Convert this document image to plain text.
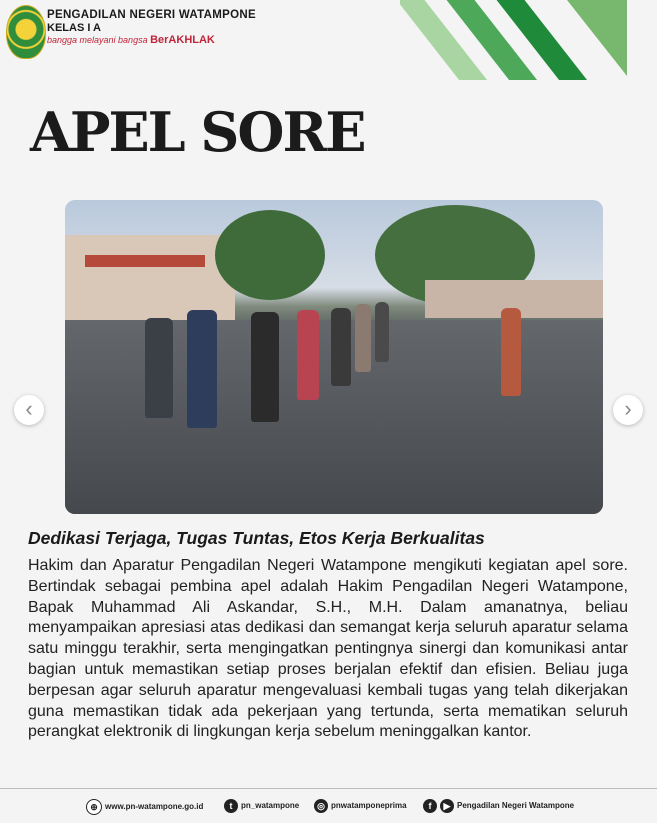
PENGADILAN NEGERI WATAMPONE
KELAS I A
bangga melayani bangsa BerAKHLAK
APEL SORE
‹	›
Dedikasi Terjaga, Tugas Tuntas, Etos Kerja Berkualitas
Hakim dan Aparatur Pengadilan Negeri Watampone mengikuti kegiatan apel sore. Bertindak sebagai pembina apel adalah Hakim Pengadilan Negeri Watampone, Bapak Muhammad Ali Askandar, S.H., M.H. Dalam amanatnya, beliau menyampaikan apresiasi atas dedikasi dan semangat kerja seluruh aparatur selama satu minggu terakhir, serta mengingatkan pentingnya sinergi dan komunikasi antar bagian untuk memastikan setiap proses berjalan efektif dan efisien. Beliau juga berpesan agar seluruh aparatur mengevaluasi kembali tugas yang telah dikerjakan guna memastikan tidak ada pekerjaan yang tertunda, serta mematikan seluruh perangkat elektronik di lingkungan kerja sebelum meninggalkan kantor.
⊕ www.pn-watampone.go.id	t pn_watampone	◎ pnwatamponeprima	f ▶ Pengadilan Negeri Watampone
